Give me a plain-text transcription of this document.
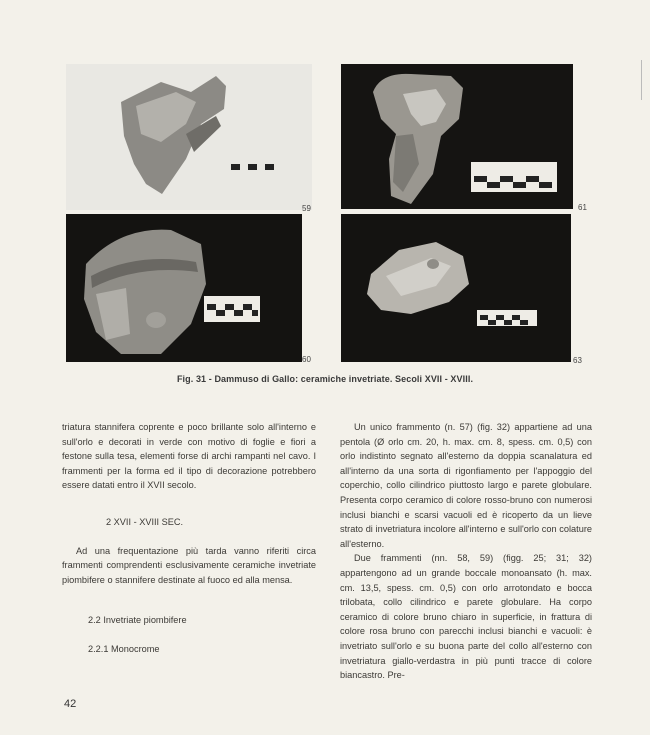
59	61
60	63
Fig. 31 - Dammuso di Gallo: ceramiche invetriate. Secoli XVII - XVIII.

triatura stannifera coprente e poco brillante solo all'interno e sull'orlo e decorati in verde con motivo di foglie e fiori a festone sulla tesa, elementi forse di archi rampanti nel cavo. I frammenti per la forma ed il tipo di decorazione potrebbero essere datati entro il XVII secolo.

2 XVII - XVIII SEC.

Ad una frequentazione più tarda vanno riferiti circa frammenti comprendenti esclusivamente ceramiche invetriate piombifere o stannifere destinate al fuoco ed alla mensa.

2.2 Invetriate piombifere

2.2.1 Monocrome

Un unico frammento (n. 57) (fig. 32) appartiene ad una pentola (Ø orlo cm. 20, h. max. cm. 8, spess. cm. 0,5) con orlo indistinto segnato all'esterno da doppia scanalatura ed all'interno da una sorta di rigonfiamento per l'appoggio del coperchio, collo cilindrico piuttosto largo e parete globulare. Presenta corpo ceramico di colore rosso-bruno con numerosi inclusi bianchi e scarsi vacuoli ed è ricoperto da un lieve strato di invetriatura incolore all'interno e sull'orlo con colature all'esterno.

Due frammenti (nn. 58, 59) (figg. 25; 31; 32) appartengono ad un grande boccale monoansato (h. max. cm. 13,5, spess. cm. 0,5) con orlo arrotondato e bocca trilobata, collo cilindrico e parete globulare. Ha corpo ceramico di colore bruno chiaro in superficie, in frattura di colore rosa bruno con parecchi inclusi bianchi e vacuoli: è invetriato sull'orlo e su buona parte del collo all'esterno con invetriatura giallo-verdastra in più punti tracce di colore biancastro. Pre-

42
